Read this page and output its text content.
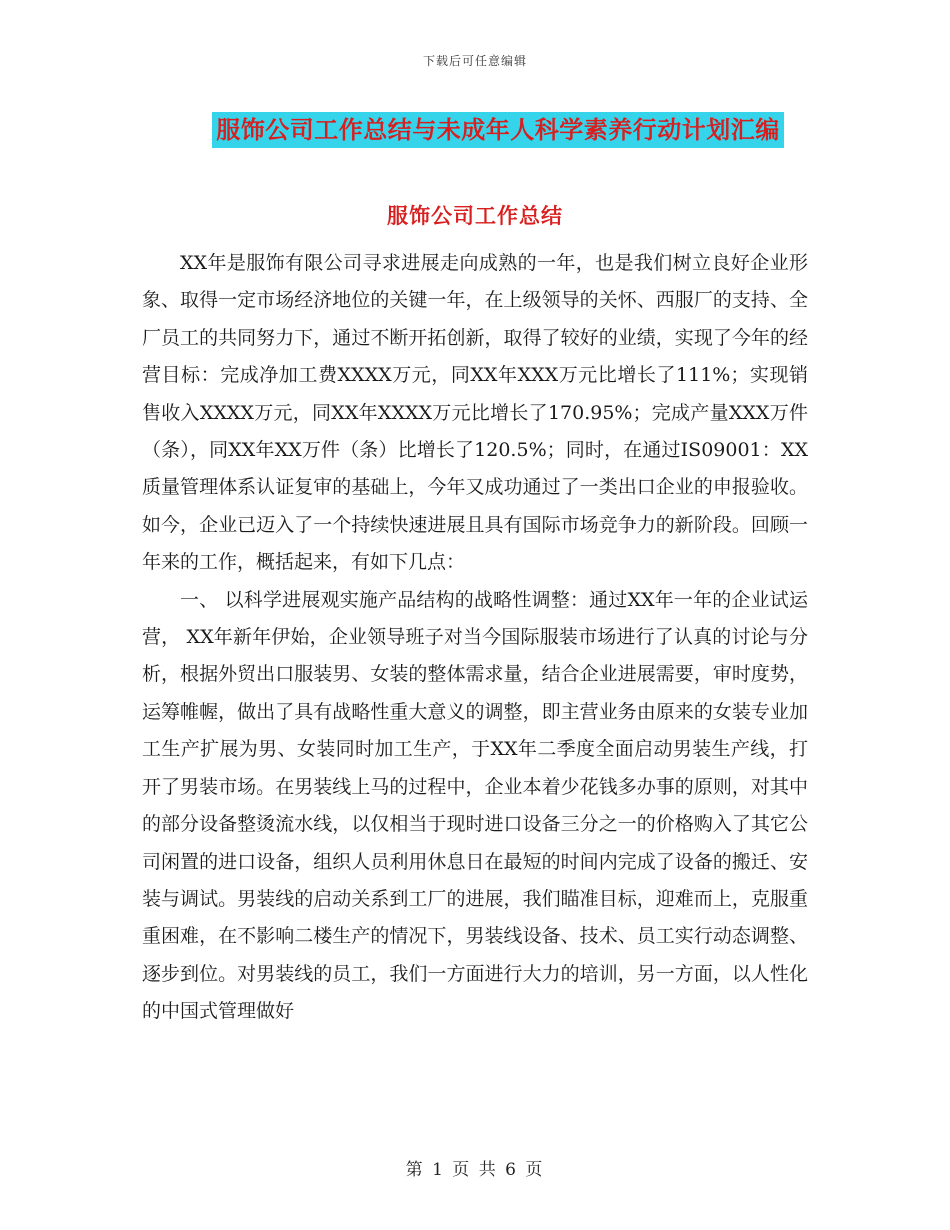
下载后可任意编辑
服饰公司工作总结与未成年人科学素养行动计划汇编
服饰公司工作总结

XX年是服饰有限公司寻求进展走向成熟的一年，也是我们树立良好企业形象、取得一定市场经济地位的关键一年，在上级领导的关怀、西服厂的支持、全厂员工的共同努力下，通过不断开拓创新，取得了较好的业绩，实现了今年的经营目标：完成净加工费XXXX万元，同XX年XXX万元比增长了111%；实现销售收入XXXX万元，同XX年XXXX万元比增长了170.95%；完成产量XXX万件（条），同XX年XX万件（条）比增长了120.5%；同时，在通过IS09001：XX质量管理体系认证复审的基础上，今年又成功通过了一类出口企业的申报验收。如今，企业已迈入了一个持续快速进展且具有国际市场竞争力的新阶段。回顾一年来的工作，概括起来，有如下几点：

一、 以科学进展观实施产品结构的战略性调整：通过XX年一年的企业试运营， XX年新年伊始，企业领导班子对当今国际服装市场进行了认真的讨论与分析，根据外贸出口服装男、女装的整体需求量，结合企业进展需要，审时度势，运筹帷幄，做出了具有战略性重大意义的调整，即主营业务由原来的女装专业加工生产扩展为男、女装同时加工生产，于XX年二季度全面启动男装生产线，打开了男装市场。在男装线上马的过程中，企业本着少花钱多办事的原则，对其中的部分设备整烫流水线，以仅相当于现时进口设备三分之一的价格购入了其它公司闲置的进口设备，组织人员利用休息日在最短的时间内完成了设备的搬迁、安装与调试。男装线的启动关系到工厂的进展，我们瞄准目标，迎难而上，克服重重困难，在不影响二楼生产的情况下，男装线设备、技术、员工实行动态调整、逐步到位。对男装线的员工，我们一方面进行大力的培训，另一方面，以人性化的中国式管理做好

第 1 页 共 6 页
